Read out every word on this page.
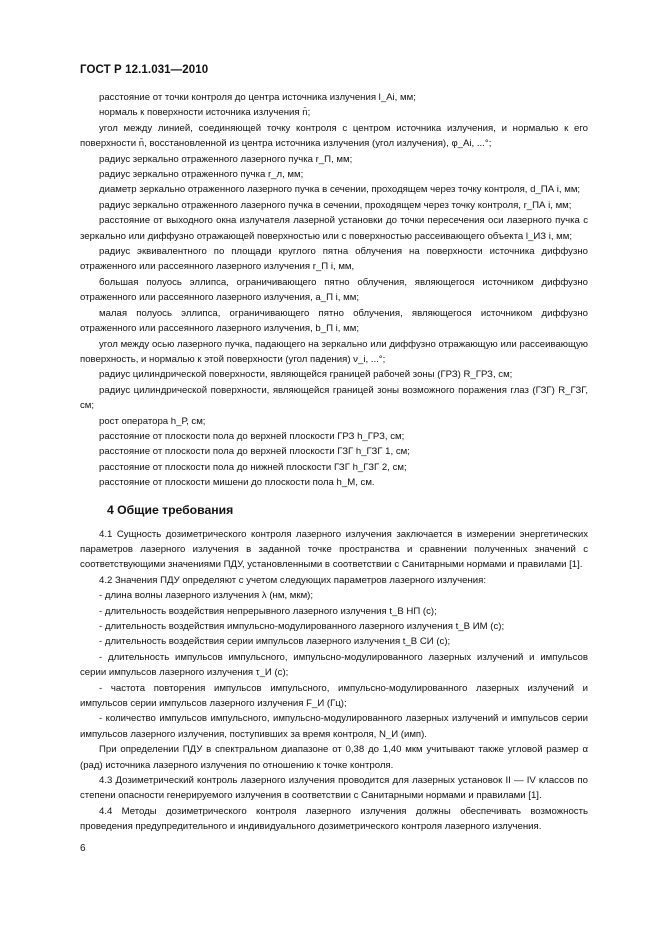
ГОСТ Р 12.1.031—2010

расстояние от точки контроля до центра источника излучения l_Ai, мм;

нормаль к поверхности источника излучения n̄;

угол между линией, соединяющей точку контроля с центром источника излучения, и нормалью к его поверхности n̄, восстановленной из центра источника излучения (угол излучения), φ_Ai, ...°;

радиус зеркально отраженного лазерного пучка r_П, мм;

радиус зеркально отраженного пучка r_л, мм;

диаметр зеркально отраженного лазерного пучка в сечении, проходящем через точку контроля, d_ПА i, мм;

радиус зеркально отраженного лазерного пучка в сечении, проходящем через точку контроля, r_ПА i, мм;

расстояние от выходного окна излучателя лазерной установки до точки пересечения оси лазерного пучка с зеркально или диффузно отражающей поверхностью или с поверхностью рассеивающего объекта l_ИЗ i, мм;

радиус эквивалентного по площади круглого пятна облучения на поверхности источника диффузно отраженного или рассеянного лазерного излучения r_П i, мм,

большая полуось эллипса, ограничивающего пятно облучения, являющегося источником диффузно отраженного или рассеянного лазерного излучения, a_П i, мм;

малая полуось эллипса, ограничивающего пятно облучения, являющегося источником диффузно отраженного или рассеянного лазерного излучения, b_П i, мм;

угол между осью лазерного пучка, падающего на зеркально или диффузно отражающую или рассеивающую поверхность, и нормалью к этой поверхности (угол падения) ν_i, ...°;

радиус цилиндрической поверхности, являющейся границей рабочей зоны (ГРЗ) R_ГРЗ, см;

радиус цилиндрической поверхности, являющейся границей зоны возможного поражения глаз (ГЗГ) R_ГЗГ, см;

рост оператора h_Р, см;

расстояние от плоскости пола до верхней плоскости ГРЗ h_ГРЗ, см;

расстояние от плоскости пола до верхней плоскости ГЗГ h_ГЗГ 1, см;

расстояние от плоскости пола до нижней плоскости ГЗГ h_ГЗГ 2, см;

расстояние от плоскости мишени до плоскости пола h_М, см.

4 Общие требования

4.1 Сущность дозиметрического контроля лазерного излучения заключается в измерении энергетических параметров лазерного излучения в заданной точке пространства и сравнении полученных значений с соответствующими значениями ПДУ, установленными в соответствии с Санитарными нормами и правилами [1].

4.2 Значения ПДУ определяют с учетом следующих параметров лазерного излучения:

- длина волны лазерного излучения λ (нм, мкм);

- длительность воздействия непрерывного лазерного излучения t_В НП (с);

- длительность воздействия импульсно-модулированного лазерного излучения t_В ИМ (с);

- длительность воздействия серии импульсов лазерного излучения t_В СИ (с);

- длительность импульсов импульсного, импульсно-модулированного лазерных излучений и импульсов серии импульсов лазерного излучения τ_И (с);

- частота повторения импульсов импульсного, импульсно-модулированного лазерных излучений и импульсов серии импульсов лазерного излучения F_И (Гц);

- количество импульсов импульсного, импульсно-модулированного лазерных излучений и импульсов серии импульсов лазерного излучения, поступивших за время контроля, N_И (имп).

При определении ПДУ в спектральном диапазоне от 0,38 до 1,40 мкм учитывают также угловой размер α (рад) источника лазерного излучения по отношению к точке контроля.

4.3 Дозиметрический контроль лазерного излучения проводится для лазерных установок II — IV классов по степени опасности генерируемого излучения в соответствии с Санитарными нормами и правилами [1].

4.4 Методы дозиметрического контроля лазерного излучения должны обеспечивать возможность проведения предупредительного и индивидуального дозиметрического контроля лазерного излучения.

6
